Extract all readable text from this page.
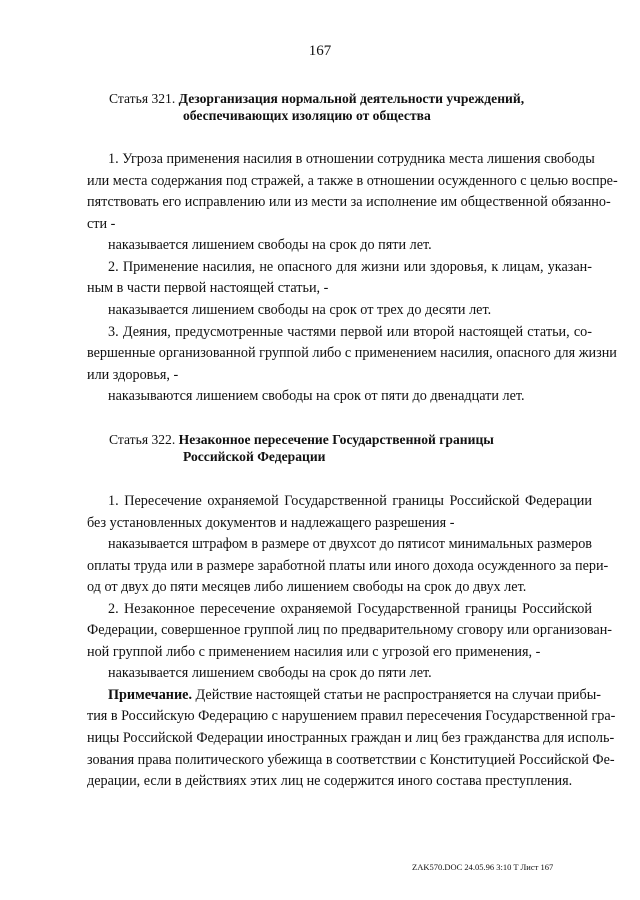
167
Статья 321. Дезорганизация нормальной деятельности учреждений,
обеспечивающих изоляцию от общества
1. Угроза применения насилия в отношении сотрудника места лишения свободы
или места содержания под стражей, а также в отношении осужденного с целью воспре-
пятствовать его исправлению или из мести за исполнение им общественной обязанно-
сти -
наказывается лишением свободы на срок до пяти лет.
2. Применение насилия, не опасного для жизни или здоровья, к лицам, указан-
ным в части первой настоящей статьи, -
наказывается лишением свободы на срок от трех до десяти лет.
3. Деяния, предусмотренные частями первой или второй настоящей статьи, со-
вершенные организованной группой либо с применением насилия, опасного для жизни
или здоровья, -
наказываются лишением свободы на срок от пяти до двенадцати лет.
Статья 322. Незаконное пересечение Государственной границы
Российской Федерации
1. Пересечение охраняемой Государственной границы Российской Федерации
без установленных документов и надлежащего разрешения -
наказывается штрафом в размере от двухсот до пятисот минимальных размеров
оплаты труда или в размере заработной платы или иного дохода осужденного за пери-
од от двух до пяти месяцев либо лишением свободы на срок до двух лет.
2. Незаконное пересечение охраняемой Государственной границы Российской
Федерации, совершенное группой лиц по предварительному сговору или организован-
ной группой либо с применением насилия или с угрозой его применения, -
наказывается лишением свободы на срок до пяти лет.
Примечание. Действие настоящей статьи не распространяется на случаи прибы-
тия в Российскую Федерацию с нарушением правил пересечения Государственной гра-
ницы Российской Федерации иностранных граждан и лиц без гражданства для исполь-
зования права политического убежища в соответствии с Конституцией Российской Фе-
дерации, если в действиях этих лиц не содержится иного состава преступления.
ZAK570.DOC 24.05.96 3:10 T Лист 167
